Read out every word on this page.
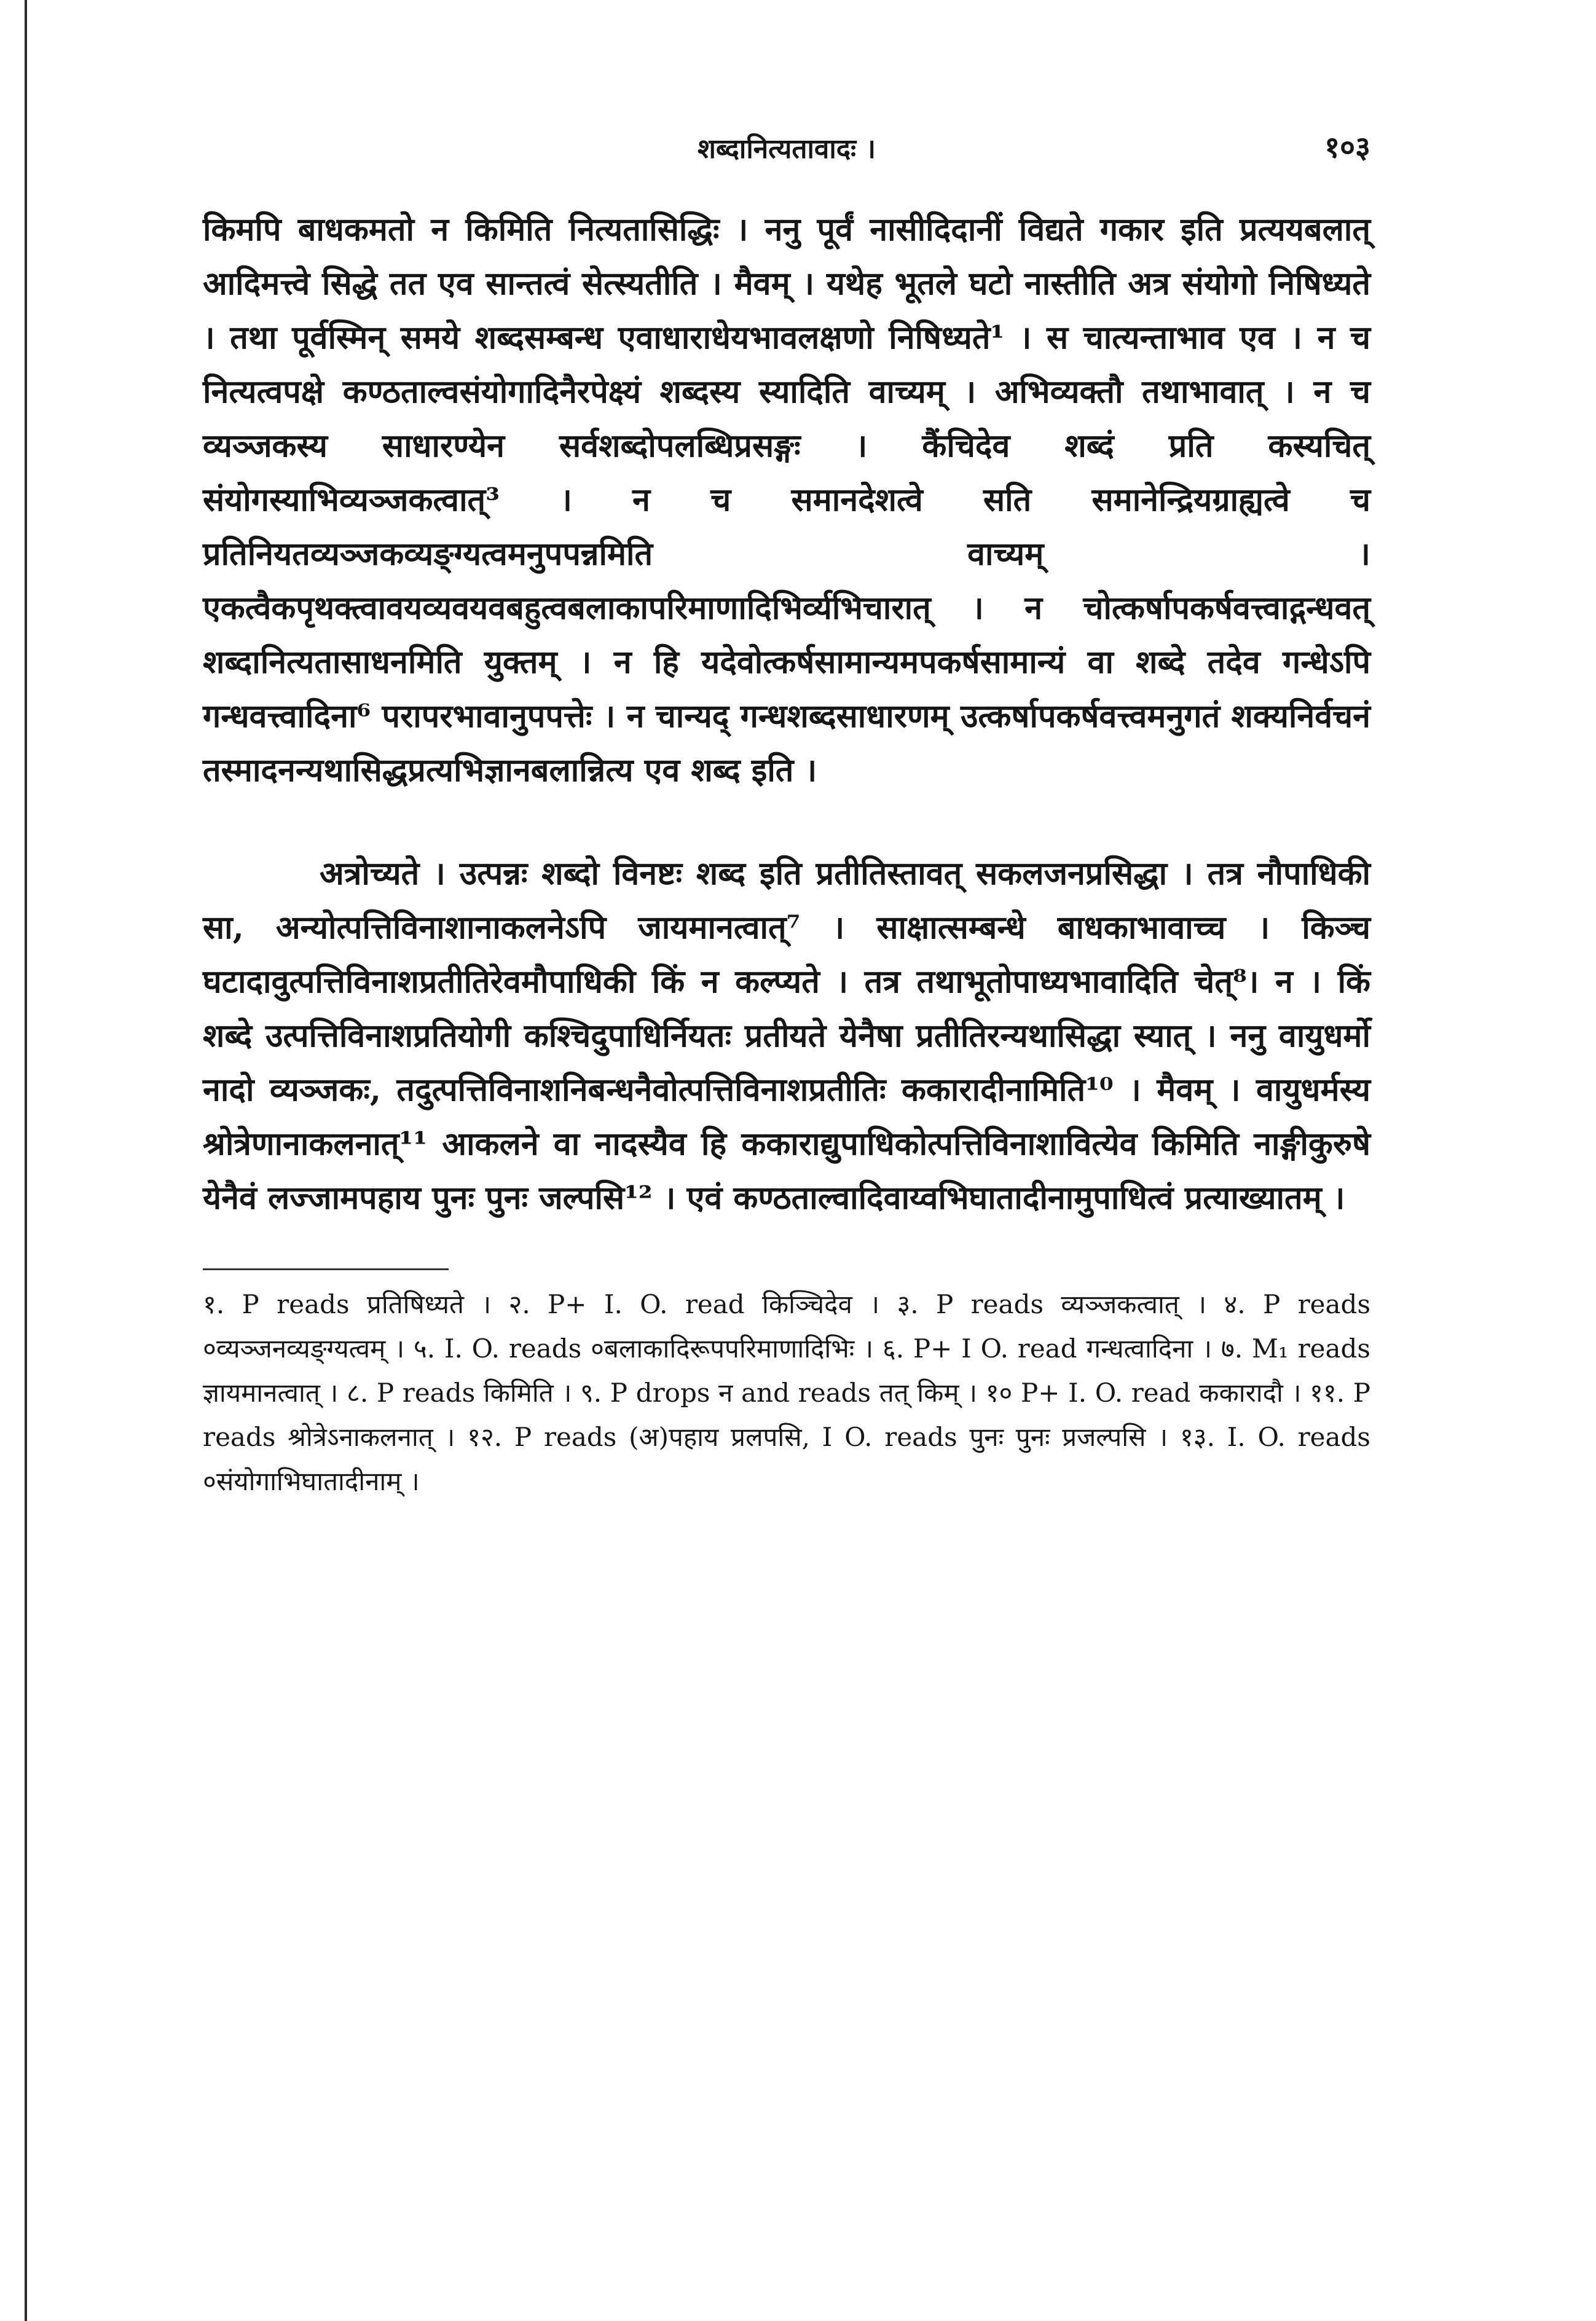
शब्दानित्यतावादः ।	१०३

किमपि बाधकमतो न किमिति नित्यतासिद्धिः । ननु पूर्वं नासीदिदानीं विद्यते गकार इति प्रत्ययबलात् आदिमत्त्वे सिद्धे तत एव सान्तत्वं सेत्स्यतीति । मैवम् । यथेह भूतले घटो नास्तीति अत्र संयोगो निषिध्यते । तथा पूर्वस्मिन् समये शब्दसम्बन्ध एवाधाराधेयभावलक्षणो निषिध्यते¹ । स चात्यन्ताभाव एव । न च नित्यत्वपक्षे कण्ठताल्वसंयोगादिनैरपेक्ष्यं शब्दस्य स्यादिति वाच्यम् । अभिव्यक्तौ तथाभावात् । न च व्यञ्जकस्य साधारण्येन सर्वशब्दोपलब्धिप्रसङ्गः । कैंचिदेव शब्दं प्रति कस्यचित् संयोगस्याभिव्यञ्जकत्वात्³ । न च समानदेशत्वे सति समानेन्द्रियग्राह्यत्वे च प्रतिनियतव्यञ्जकव्यङ्ग्यत्वमनुपपन्नमिति वाच्यम् । एकत्वैकपृथक्त्वावयव्यवयवबहुत्वबलाकापरिमाणादिभिर्व्यभिचारात् । न चोत्कर्षापकर्षवत्त्वाद्गन्धवत् शब्दानित्यतासाधनमिति युक्तम् । न हि यदेवोत्कर्षसामान्यमपकर्षसामान्यं वा शब्दे तदेव गन्धेऽपि गन्धवत्त्वादिना⁶ परापरभावानुपपत्तेः । न चान्यद् गन्धशब्दसाधारणम् उत्कर्षापकर्षवत्त्वमनुगतं शक्यनिर्वचनं तस्मादनन्यथासिद्धप्रत्यभिज्ञानबलान्नित्य एव शब्द इति ।

अत्रोच्यते । उत्पन्नः शब्दो विनष्टः शब्द इति प्रतीतिस्तावत् सकलजनप्रसिद्धा । तत्र नौपाधिकी सा, अन्योत्पत्तिविनाशानाकलनेऽपि जायमानत्वात्⁷ । साक्षात्सम्बन्धे बाधकाभावाच्च । किञ्च घटादावुत्पत्तिविनाशप्रतीतिरेवमौपाधिकी किं न कल्प्यते । तत्र तथाभूतोपाध्यभावादिति चेत्⁸। न । किं शब्दे उत्पत्तिविनाशप्रतियोगी कश्चिदुपाधिर्नियतः प्रतीयते येनैषा प्रतीतिरन्यथासिद्धा स्यात् । ननु वायुधर्मो नादो व्यञ्जकः, तदुत्पत्तिविनाशनिबन्धनैवोत्पत्तिविनाशप्रतीतिः ककारादीनामिति¹⁰ । मैवम् । वायुधर्मस्य श्रोत्रेणानाकलनात्¹¹ आकलने वा नादस्यैव हि ककाराद्युपाधिकोत्पत्तिविनाशावित्येव किमिति नाङ्गीकुरुषे येनैवं लज्जामपहाय पुनः पुनः जल्पसि¹² । एवं कण्ठताल्वादिवाय्वभिघातादीनामुपाधित्वं प्रत्याख्यातम् ।

१. P reads प्रतिषिध्यते । २. P+ I. O. read किञ्चिदेव । ३. P reads व्यञ्जकत्वात् । ४. P reads ०व्यञ्जनव्यङ्ग्यत्वम् । ५. I. O. reads ०बलाकादिरूपपरिमाणादिभिः । ६. P+ I O. read गन्धत्वादिना । ७. M₁ reads ज्ञायमानत्वात् । ८. P reads किमिति । ९. P drops न and reads तत् किम् । १० P+ I. O. read ककारादौ । ११. P reads श्रोत्रेऽनाकलनात् । १२. P reads (अ)पहाय प्रलपसि, I O. reads पुनः पुनः प्रजल्पसि । १३. I. O. reads ०संयोगाभिघातादीनाम् ।
